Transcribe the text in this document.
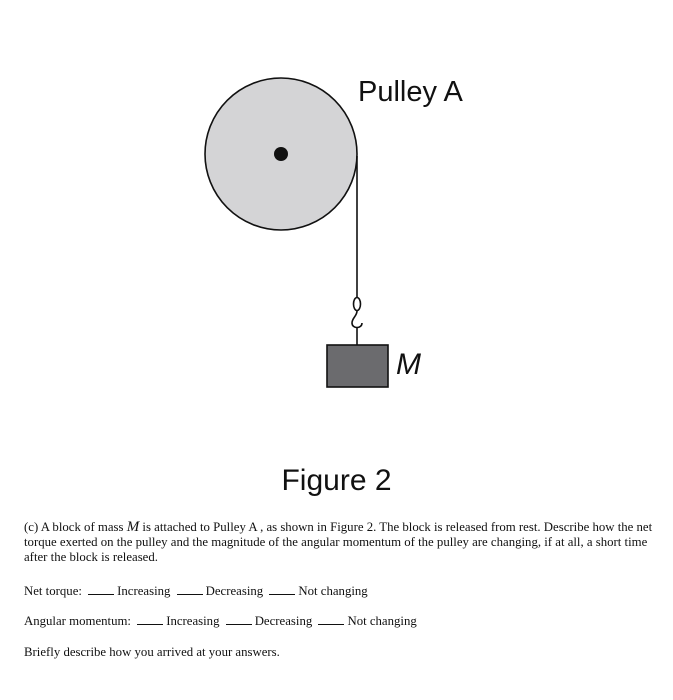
Pulley A
M
Figure 2
(c) A block of mass M is attached to Pulley A , as shown in Figure 2. The block is released from rest. Describe how the net torque exerted on the pulley and the magnitude of the angular momentum of the pulley are changing, if at all, a short time after the block is released.
Net torque:	Increasing	Decreasing	Not changing
Angular momentum:	Increasing	Decreasing	Not changing
Briefly describe how you arrived at your answers.
